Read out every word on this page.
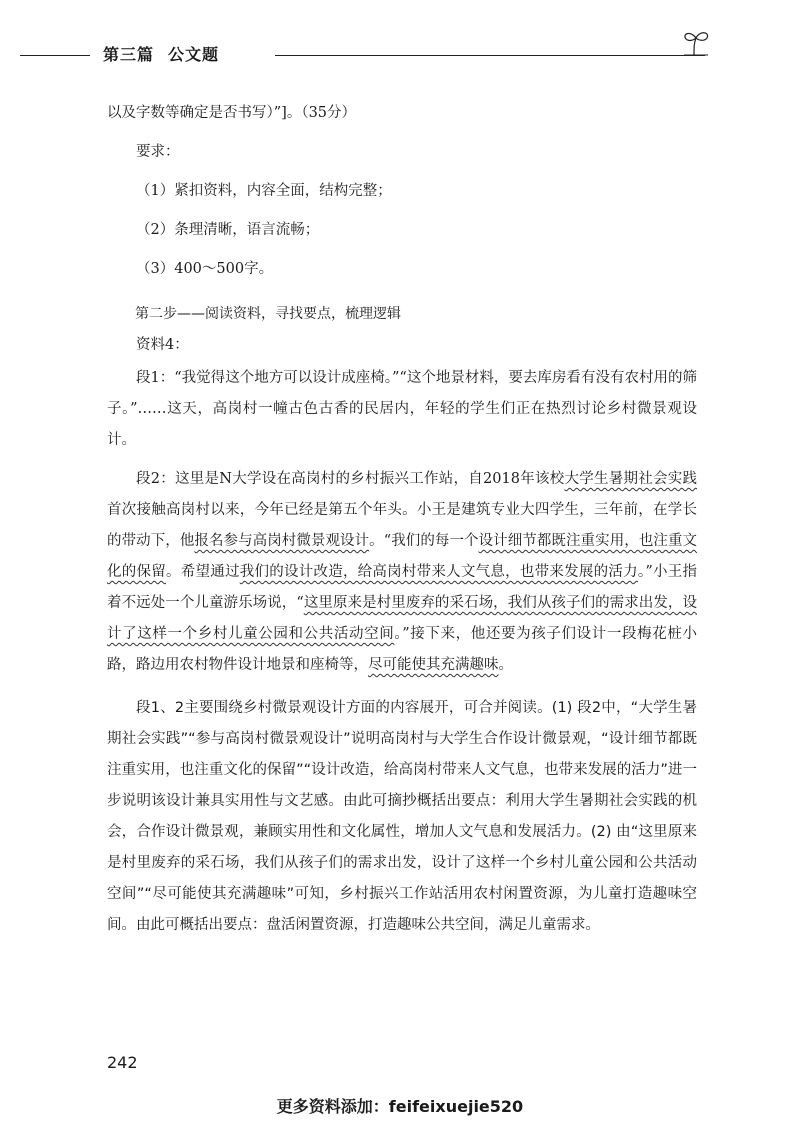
第三篇 公文题

以及字数等确定是否书写）”]。（35分）

要求：

（1）紧扣资料，内容全面，结构完整；

（2）条理清晰，语言流畅；

（3）400～500字。

第二步——阅读资料，寻找要点，梳理逻辑

资料4：

段1：“我觉得这个地方可以设计成座椅。”“这个地景材料，要去库房看有没有农村用的筛子。”……这天，高岗村一幢古色古香的民居内，年轻的学生们正在热烈讨论乡村微景观设计。

段2：这里是N大学设在高岗村的乡村振兴工作站，自2018年该校大学生暑期社会实践首次接触高岗村以来，今年已经是第五个年头。小王是建筑专业大四学生，三年前，在学长的带动下，他报名参与高岗村微景观设计。“我们的每一个设计细节都既注重实用，也注重文化的保留。希望通过我们的设计改造，给高岗村带来人文气息，也带来发展的活力。”小王指着不远处一个儿童游乐场说，“这里原来是村里废弃的采石场，我们从孩子们的需求出发，设计了这样一个乡村儿童公园和公共活动空间。”接下来，他还要为孩子们设计一段梅花桩小路，路边用农村物件设计地景和座椅等，尽可能使其充满趣味。

段1、2主要围绕乡村微景观设计方面的内容展开，可合并阅读。(1) 段2中，“大学生暑期社会实践”“参与高岗村微景观设计”说明高岗村与大学生合作设计微景观，“设计细节都既注重实用，也注重文化的保留”“设计改造，给高岗村带来人文气息，也带来发展的活力”进一步说明该设计兼具实用性与文艺感。由此可摘抄概括出要点：利用大学生暑期社会实践的机会，合作设计微景观，兼顾实用性和文化属性，增加人文气息和发展活力。(2) 由“这里原来是村里废弃的采石场，我们从孩子们的需求出发，设计了这样一个乡村儿童公园和公共活动空间”“尽可能使其充满趣味”可知，乡村振兴工作站活用农村闲置资源，为儿童打造趣味空间。由此可概括出要点：盘活闲置资源，打造趣味公共空间，满足儿童需求。

242
更多资料添加：feifeixuejie520
